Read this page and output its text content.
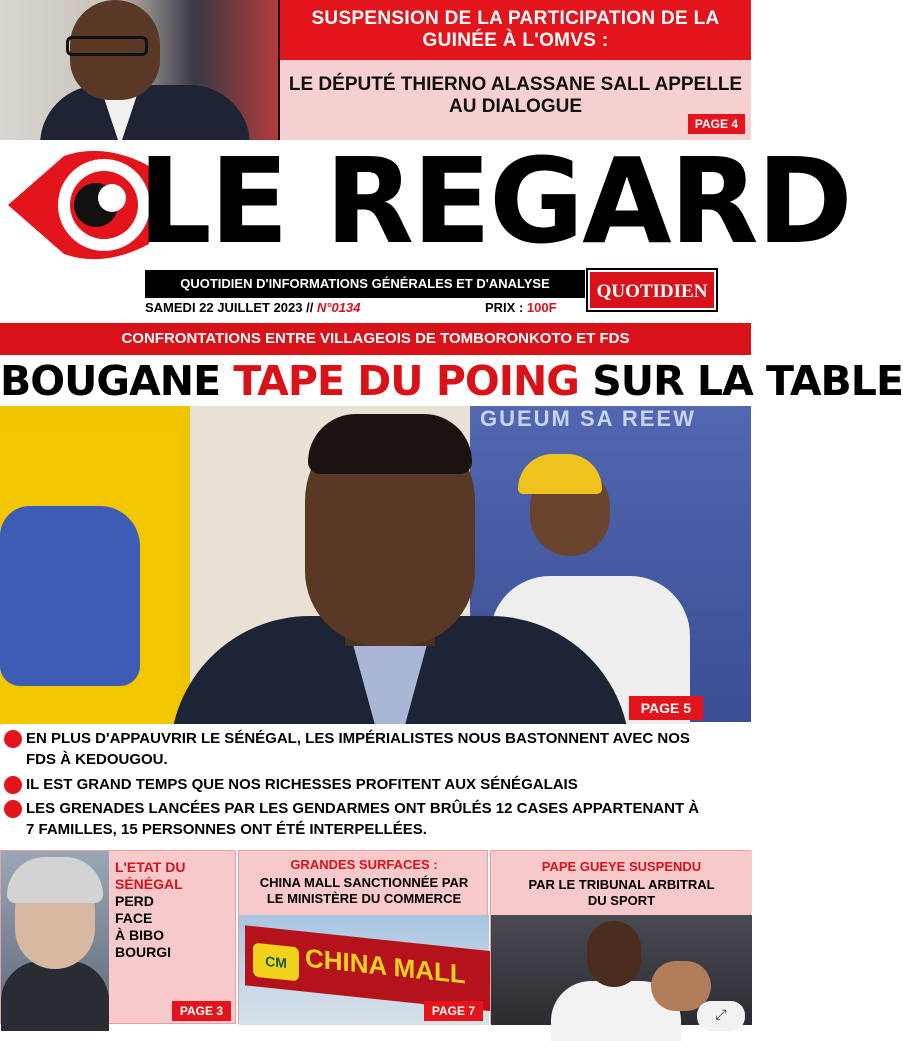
SUSPENSION DE LA PARTICIPATION DE LA GUINÉE À L'OMVS :
LE DÉPUTÉ THIERNO ALASSANE SALL APPELLE AU DIALOGUE
PAGE 4
LE REGARD
QUOTIDIEN D'INFORMATIONS GÉNÉRALES ET D'ANALYSE	QUOTIDIEN
SAMEDI 22 JUILLET 2023 // N°0134	PRIX : 100F
CONFRONTATIONS ENTRE VILLAGEOIS DE TOMBORONKOTO ET FDS
BOUGANE TAPE DU POING SUR LA TABLE
GUEUM SA REEW
PAGE 5
EN PLUS D'APPAUVRIR LE SÉNÉGAL, LES IMPÉRIALISTES NOUS BASTONNENT AVEC NOS
FDS À KEDOUGOU.
IL EST GRAND TEMPS QUE NOS RICHESSES PROFITENT AUX SÉNÉGALAIS
LES GRENADES LANCÉES PAR LES GENDARMES ONT BRÛLÉS 12 CASES APPARTENANT À
7 FAMILLES, 15 PERSONNES ONT ÉTÉ INTERPELLÉES.
L'ETAT DU
SÉNÉGAL
PERD
FACE
À BIBO
BOURGI
PAGE 3
GRANDES SURFACES :
CHINA MALL SANCTIONNÉE PAR
LE MINISTÈRE DU COMMERCE
CM CHINA MALL
PAGE 7
PAPE GUEYE SUSPENDU
PAR LE TRIBUNAL ARBITRAL
DU SPORT
⤢
